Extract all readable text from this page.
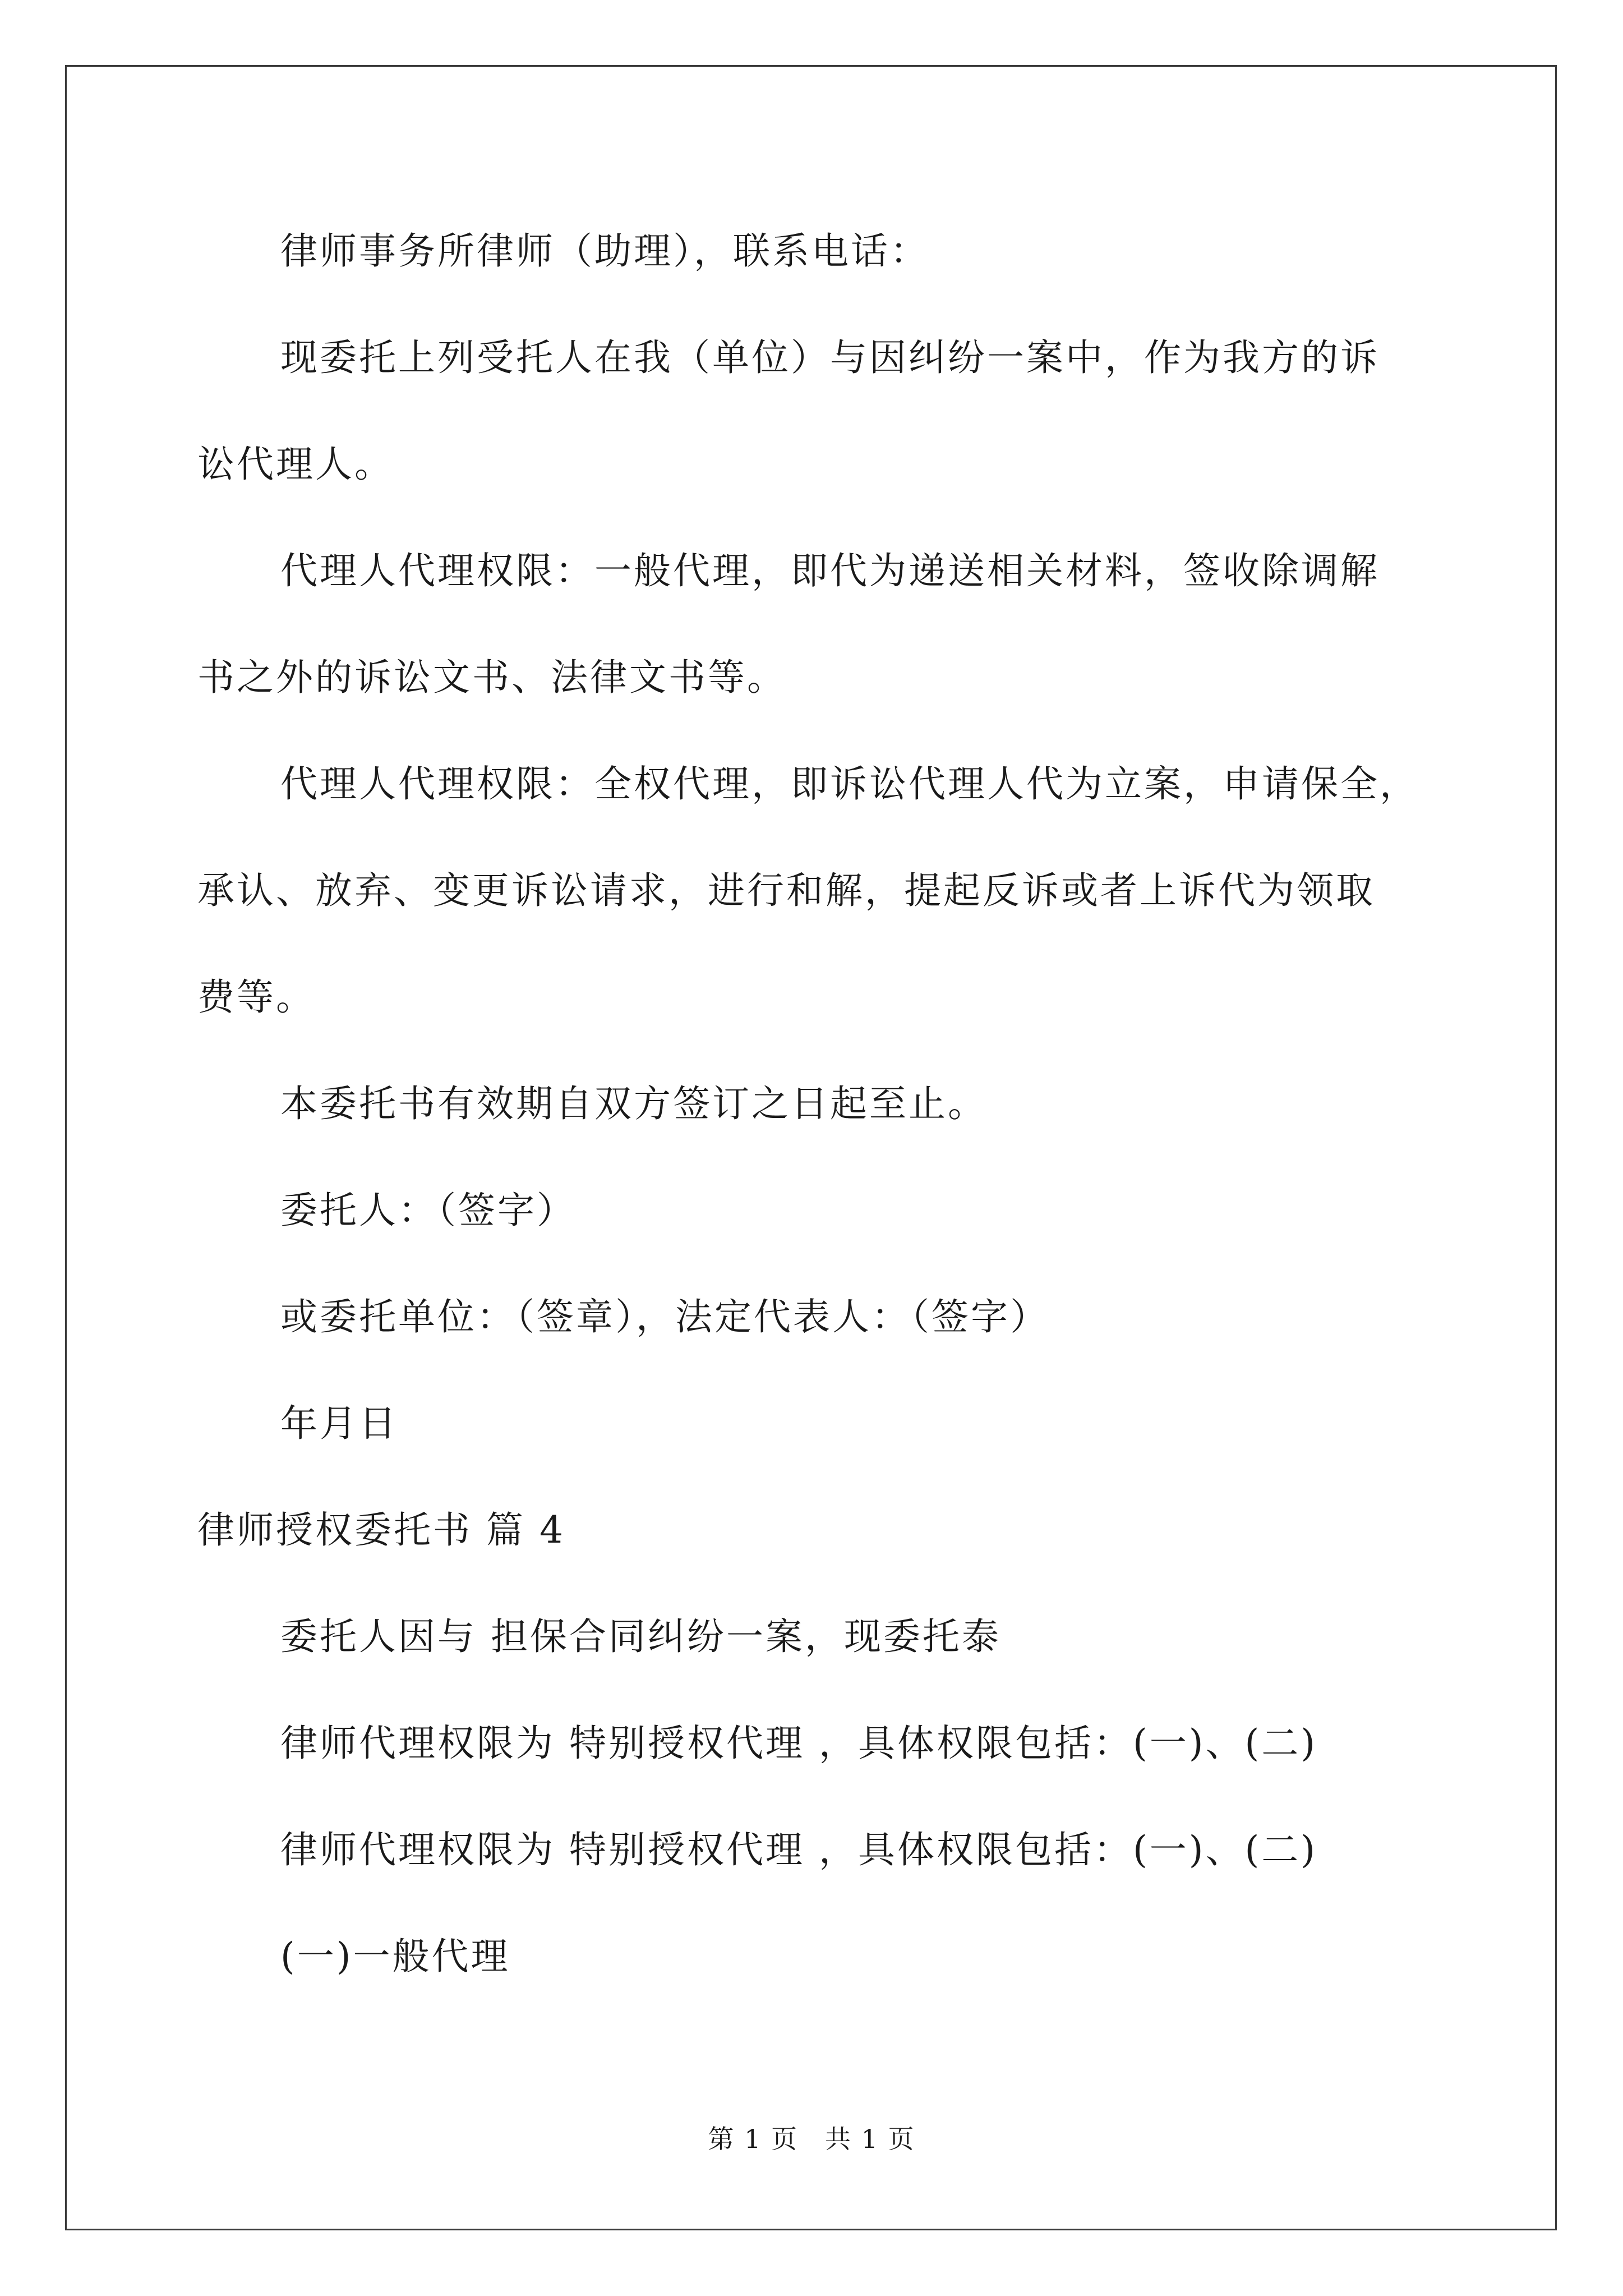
律师事务所律师（助理），联系电话：
现委托上列受托人在我（单位）与因纠纷一案中，作为我方的诉
讼代理人。
代理人代理权限：一般代理，即代为递送相关材料，签收除调解
书之外的诉讼文书、法律文书等。
代理人代理权限：全权代理，即诉讼代理人代为立案，申请保全，
承认、放弃、变更诉讼请求，进行和解，提起反诉或者上诉代为领取
费等。
本委托书有效期自双方签订之日起至止。
委托人：（签字）
或委托单位：（签章），法定代表人：（签字）
年月日
律师授权委托书 篇 4
委托人因与 担保合同纠纷一案，现委托泰
律师代理权限为 特别授权代理 ，具体权限包括：(一)、(二)
律师代理权限为 特别授权代理 ，具体权限包括：(一)、(二)
(一)一般代理
第 1 页　共 1 页
